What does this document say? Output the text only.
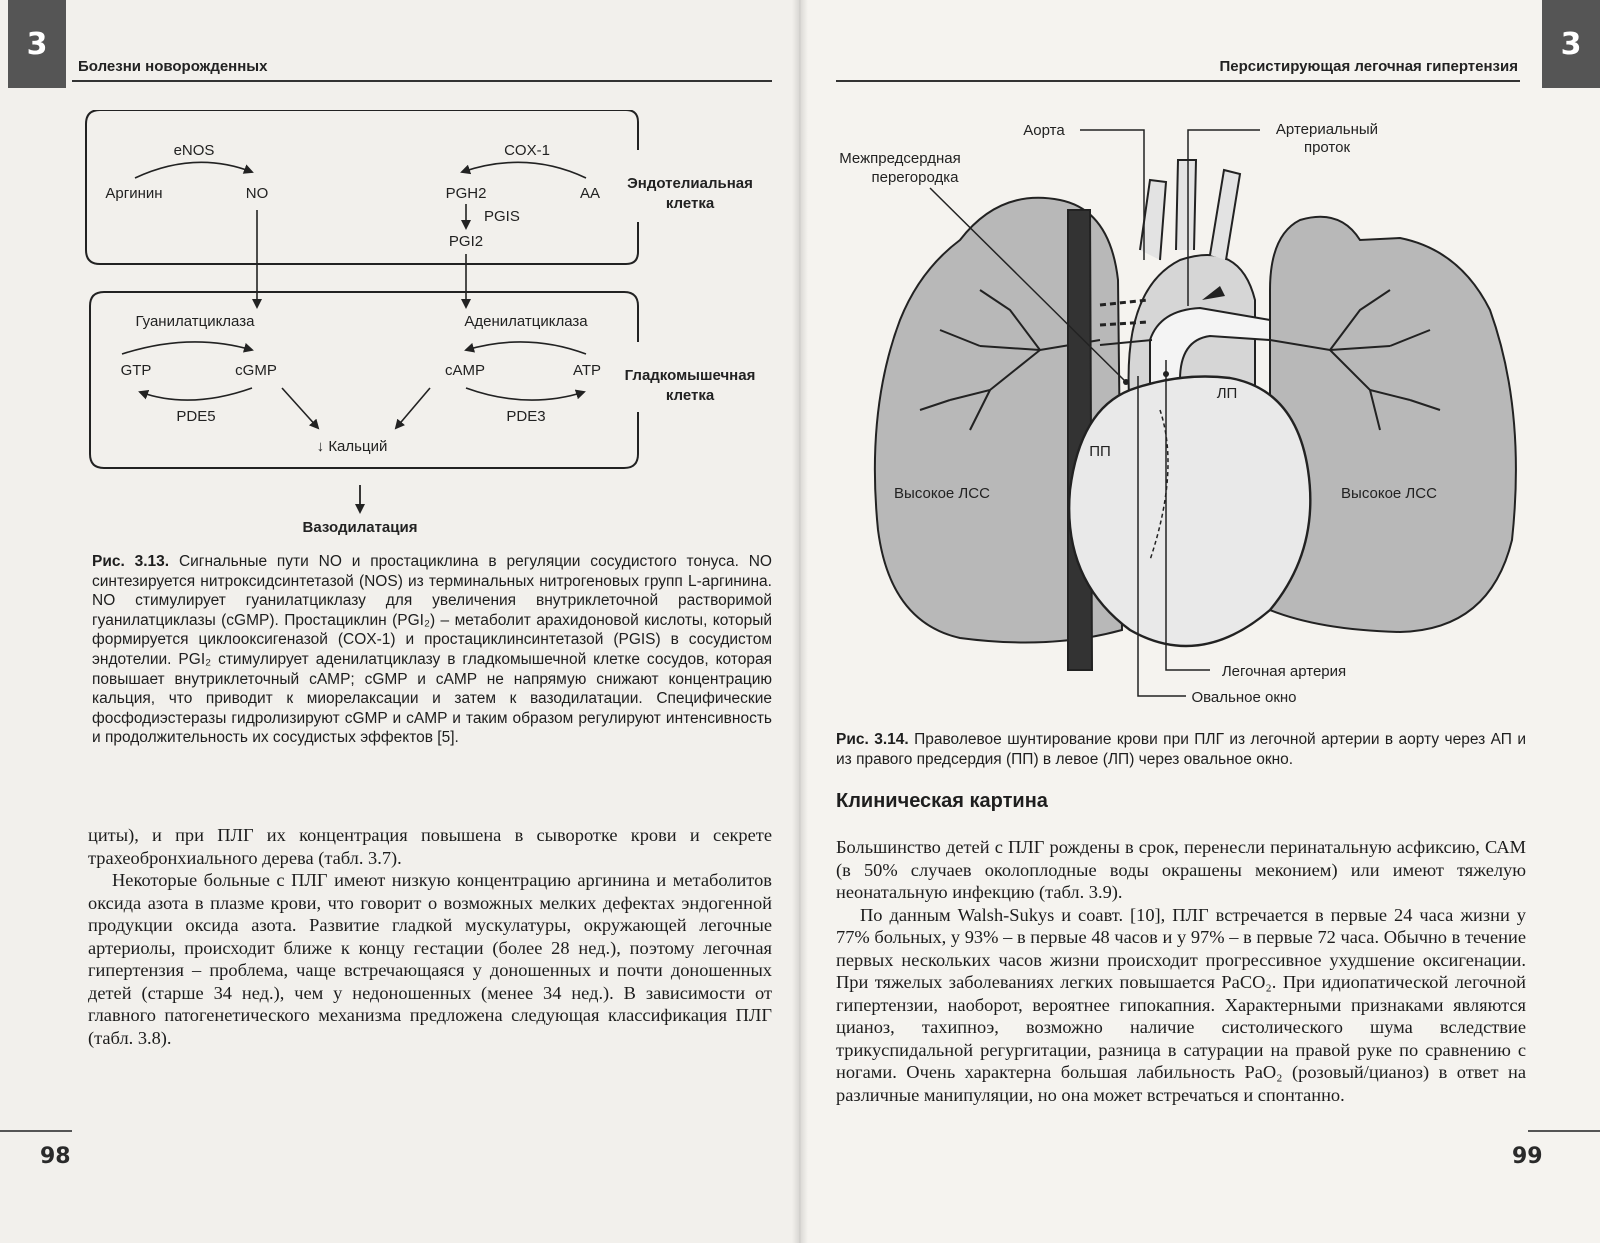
3
Болезни новорожденных
eNOS
Аргинин	NO
COX-1
PGH2	AA
PGIS
PGI2
Эндотелиальная
клетка
Гуанилатциклаза
GTP	cGMP
PDE5
Аденилатциклаза
cAMP	ATP
PDE3
↓ Кальций
Гладкомышечная
клетка
Вазодилатация
Рис. 3.13. Сигнальные пути NO и простациклина в регуляции сосудистого тонуса. NO синтезируется нитроксидсинтетазой (NOS) из терминальных нитрогеновых групп L-аргинина. NO стимулирует гуанилатциклазу для увеличения внутриклеточной растворимой гуанилатциклазы (cGMP). Простациклин (PGI₂) – метаболит арахидоновой кислоты, который формируется циклооксигеназой (COX-1) и простациклинсинтетазой (PGIS) в сосудистом эндотелии. PGI₂ стимулирует аденилатциклазу в гладкомышечной клетке сосудов, которая повышает внутриклеточный cAMP; cGMP и cAMP не напрямую снижают концентрацию кальция, что приводит к миорелаксации и затем к вазодилатации. Специфические фосфодиэстеразы гидролизируют cGMP и cAMP и таким образом регулируют интенсивность и продолжительность их сосудистых эффектов [5].

циты), и при ПЛГ их концентрация повышена в сыворотке крови и секрете трахеобронхиального дерева (табл. 3.7).

Некоторые больные с ПЛГ имеют низкую концентрацию аргинина и метаболитов оксида азота в плазме крови, что говорит о возможных мелких дефектах эндогенной продукции оксида азота. Развитие гладкой мускулатуры, окружающей легочные артериолы, происходит ближе к концу гестации (более 28 нед.), поэтому легочная гипертензия – проблема, чаще встречающаяся у доношенных и почти доношенных детей (старше 34 нед.), чем у недоношенных (менее 34 нед.). В зависимости от главного патогенетического механизма предложена следующая классификация ПЛГ (табл. 3.8).

98
3
Персистирующая легочная гипертензия
Аорта	Артериальный
проток
Межпредсердная
перегородка
ЛП
ПП
Высокое ЛСС	Высокое ЛСС
Легочная артерия
Овальное окно
Рис. 3.14. Праволевое шунтирование крови при ПЛГ из легочной артерии в аорту через АП и из правого предсердия (ПП) в левое (ЛП) через овальное окно.
Клиническая картина

Большинство детей с ПЛГ рождены в срок, перенесли перинатальную асфиксию, САМ (в 50% случаев околоплодные воды окрашены меконием) или имеют тяжелую неонатальную инфекцию (табл. 3.9).

По данным Walsh-Sukys и соавт. [10], ПЛГ встречается в первые 24 часа жизни у 77% больных, у 93% – в первые 48 часов и у 97% – в первые 72 часа. Обычно в течение первых нескольких часов жизни происходит прогрессивное ухудшение оксигенации. При тяжелых заболеваниях легких повышается PaCO₂. При идиопатической легочной гипертензии, наоборот, вероятнее гипокапния. Характерными признаками являются цианоз, тахипноэ, возможно наличие систолического шума вследствие трикуспидальной регургитации, разница в сатурации на правой руке по сравнению с ногами. Очень характерна большая лабильность PaO₂ (розовый/цианоз) в ответ на различные манипуляции, но она может встречаться и спонтанно.

99
